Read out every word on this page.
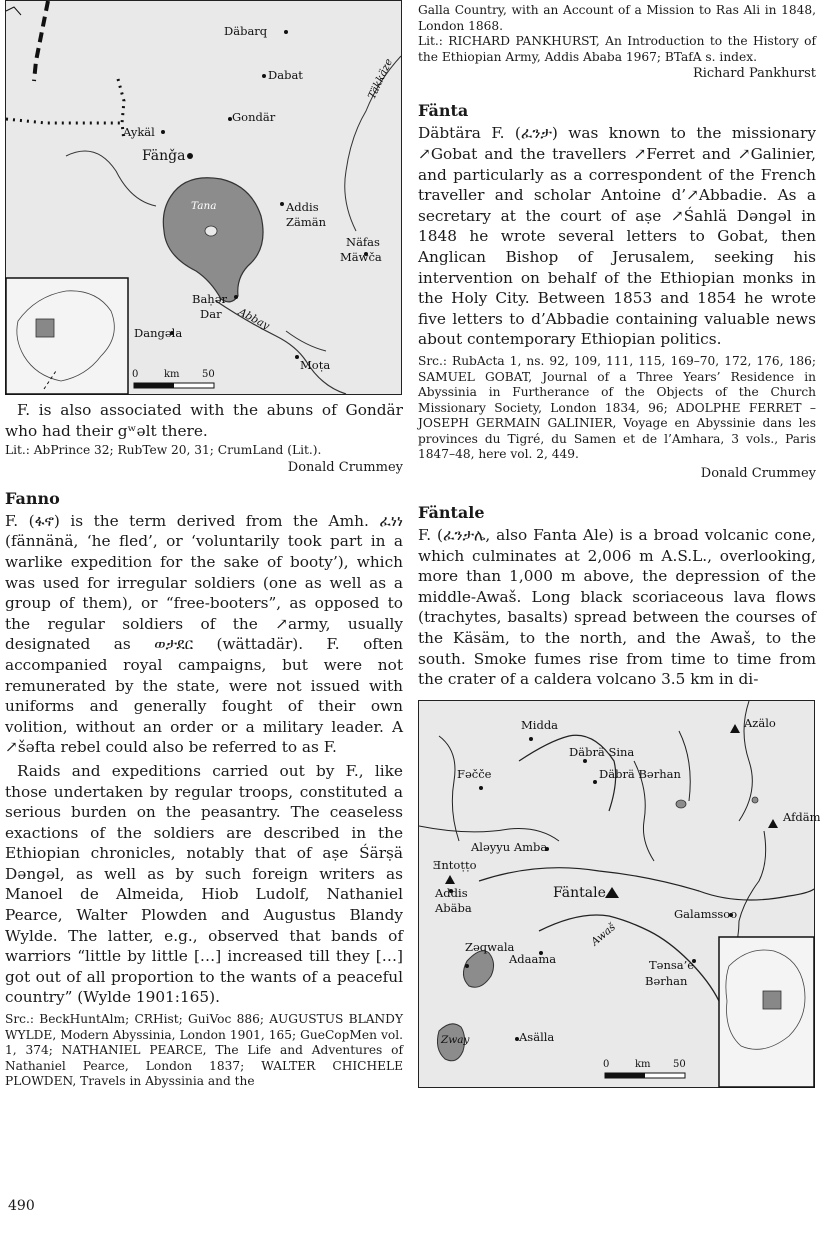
Däbarq
Dabat	Täkkäze
Gondär
Aykäl
Fänǧa
Tana	Addis
Zämän
Näfas
Mäwča
Baḥər
Dar Abbay
Dangəla
Moṭa
0	km 50

F. is also associated with the abuns of Gondär who had their gʷəlt there.

Lit.: AbPrince 32; RubTew 20, 31; CrumLand (Lit.).

Donald Crummey

Fanno

F. (ፋኖ) is the term derived from the Amh. ፈነነ (fännänä, ‘he fled’, or ‘voluntarily took part in a warlike expedition for the sake of booty’), which was used for irregular soldiers (one as well as a group of them), or “free-booters”, as opposed to the regular soldiers of the ↗army, usually designated as ወታደር (wättadär). F. often accompanied royal campaigns, but were not remunerated by the state, were not issued with uniforms and generally fought of their own volition, without an order or a military leader. A ↗šəfta rebel could also be referred to as F.

Raids and expeditions carried out by F., like those undertaken by regular troops, constituted a serious burden on the peasantry. The ceaseless exactions of the soldiers are described in the Ethiopian chronicles, notably that of aṣe Śärṣä Dəngəl, as well as by such foreign writers as Manoel de Almeida, Hiob Ludolf, Nathaniel Pearce, Walter Plowden and Augustus Blandy Wylde. The latter, e.g., observed that bands of warriors “little by little […] increased till they […] got out of all proportion to the wants of a peaceful country” (Wylde 1901:165).

Src.: BeckHuntAlm; CRHist; GuiVoc 886; AUGUSTUS BLANDY WYLDE, Modern Abyssinia, London 1901, 165; GueCopMen vol. 1, 374; NATHANIEL PEARCE, The Life and Adventures of Nathaniel Pearce, London 1837; WALTER CHICHELE PLOWDEN, Travels in Abyssinia and the

490

Galla Country, with an Account of a Mission to Ras Ali in 1848, London 1868.

Lit.: RICHARD PANKHURST, An Introduction to the History of the Ethiopian Army, Addis Ababa 1967; BTafA s. index.

Richard Pankhurst

Fänta

Däbtära F. (ፈንታ) was known to the missionary ↗Gobat and the travellers ↗Ferret and ↗Galinier, and particularly as a correspondent of the French traveller and scholar Antoine d’↗Abbadie. As a secretary at the court of aṣe ↗Śahlä Dəngəl in 1848 he wrote several letters to Gobat, then Anglican Bishop of Jerusalem, seeking his intervention on behalf of the Ethiopian monks in the Holy City. Between 1853 and 1854 he wrote five letters to d’Abbadie containing valuable news about contemporary Ethiopian politics.

Src.: RubActa 1, ns. 92, 109, 111, 115, 169–70, 172, 176, 186; SAMUEL GOBAT, Journal of a Three Years’ Residence in Abyssinia in Furtherance of the Objects of the Church Missionary Society, London 1834, 96; ADOLPHE FERRET – JOSEPH GERMAIN GALINIER, Voyage en Abyssinie dans les provinces du Tigré, du Samen et de l’Amhara, 3 vols., Paris 1847–48, here vol. 2, 449.

Donald Crummey

Fäntale

F. (ፈንታሌ, also Fanta Ale) is a broad volcanic cone, which culminates at 2,006 m A.S.L., overlooking, more than 1,000 m above, the depression of the middle-Awaš. Long black scoriaceous lava flows (trachytes, basalts) spread between the courses of the Käsäm, to the north, and the Awaš, to the south. Smoke fumes rise from time to time from the crater of a caldera volcano 3.5 km in di-

Midda	Azälo
Däbrä Sina
Fəčče	Däbrä Bərhan
Afdäm
Aləyyu Amba
Ǝntoṭṭo
Addis
Abäba
Fäntale
Galamssoo
Zəqwala
Adaama
Awaš
Tənsa’e
Bərhan
Zway	Asälla
0	km 50
